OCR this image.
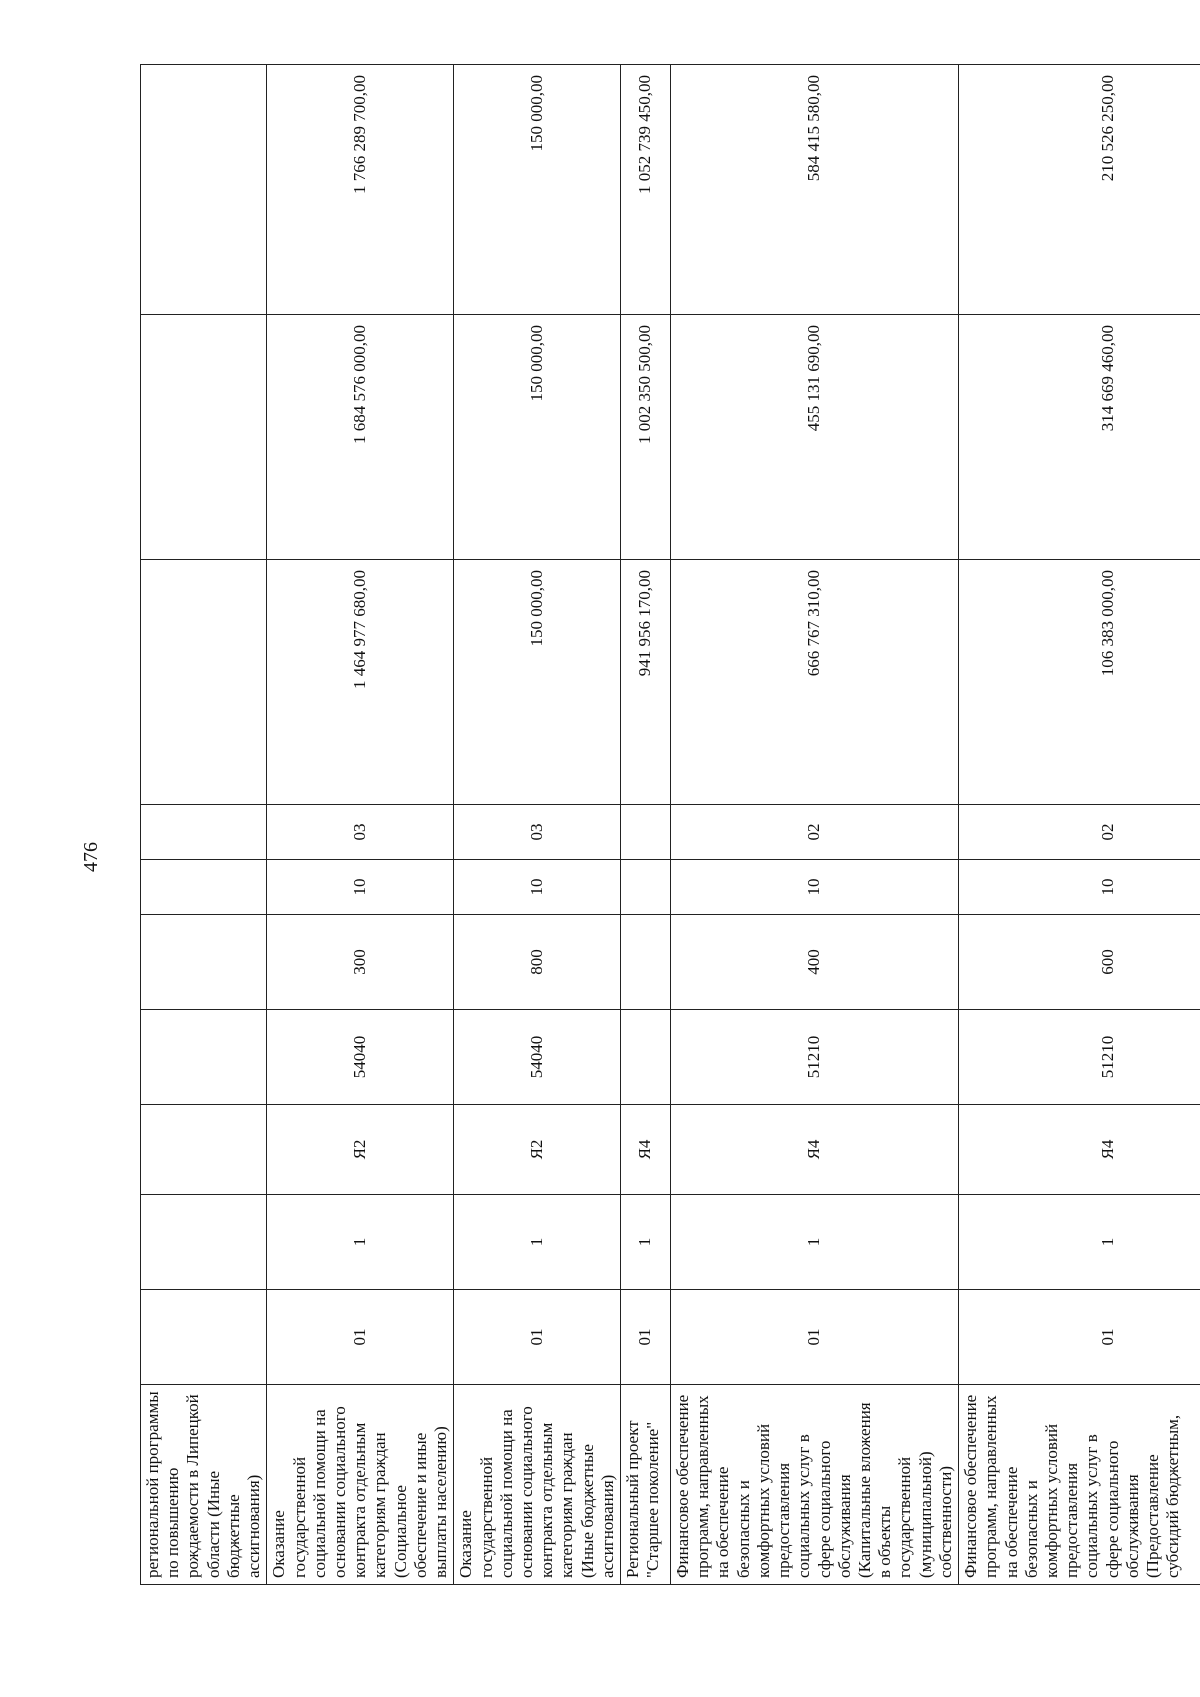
476
региональной программы по повышению рождаемости в Липецкой области (Иные бюджетные ассигнования)										
Оказание государственной социальной помощи на основании социального контракта отдельным категориям граждан (Социальное обеспечение и иные выплаты населению)	01	1	Я2	54040	300	10	03	1 464 977 680,00	1 684 576 000,00	1 766 289 700,00
Оказание государственной социальной помощи на основании социального контракта отдельным категориям граждан (Иные бюджетные ассигнования)	01	1	Я2	54040	800	10	03	150 000,00	150 000,00	150 000,00
Региональный проект "Старшее поколение"	01	1	Я4					941 956 170,00	1 002 350 500,00	1 052 739 450,00
Финансовое обеспечение программ, направленных на обеспечение безопасных и комфортных условий предоставления социальных услуг в сфере социального обслуживания (Капитальные вложения в объекты государственной (муниципальной) собственности)	01	1	Я4	51210	400	10	02	666 767 310,00	455 131 690,00	584 415 580,00
Финансовое обеспечение программ, направленных на обеспечение безопасных и комфортных условий предоставления социальных услуг в сфере социального обслуживания (Предоставление субсидий бюджетным,	01	1	Я4	51210	600	10	02	106 383 000,00	314 669 460,00	210 526 250,00
